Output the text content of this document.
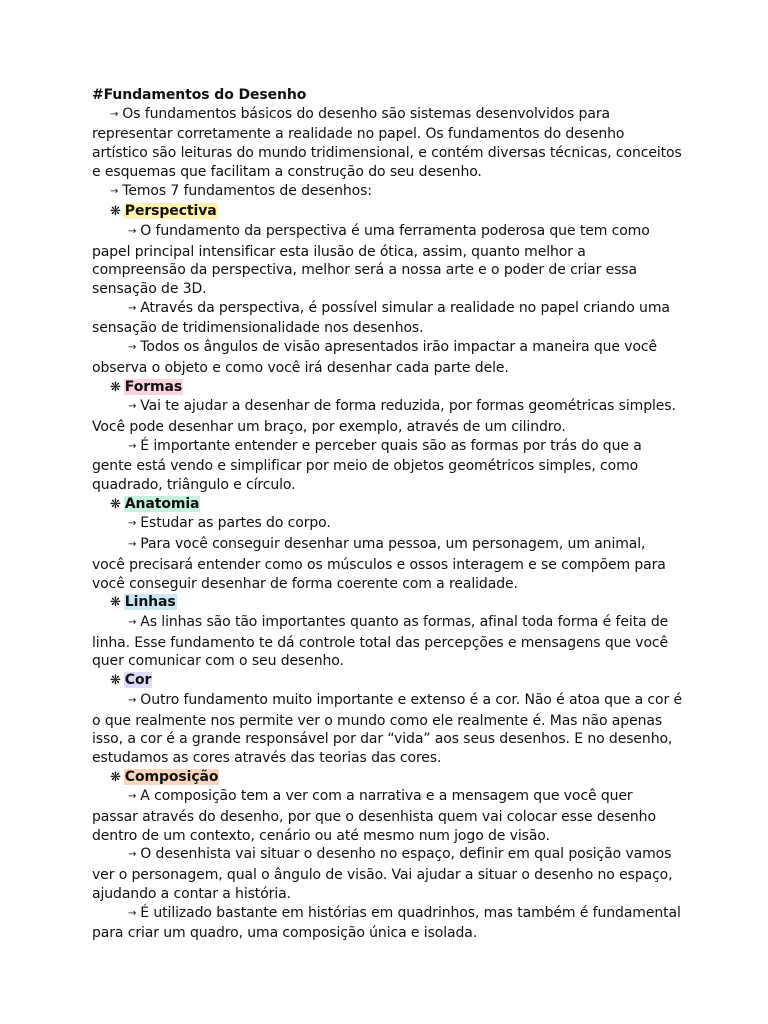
#Fundamentos do Desenho

→ Os fundamentos básicos do desenho são sistemas desenvolvidos para representar corretamente a realidade no papel. Os fundamentos do desenho artístico são leituras do mundo tridimensional, e contém diversas técnicas, conceitos e esquemas que facilitam a construção do seu desenho.

→ Temos 7 fundamentos de desenhos:

❋ Perspectiva

→ O fundamento da perspectiva é uma ferramenta poderosa que tem como papel principal intensificar esta ilusão de ótica, assim, quanto melhor a compreensão da perspectiva, melhor será a nossa arte e o poder de criar essa sensação de 3D.

→ Através da perspectiva, é possível simular a realidade no papel criando uma sensação de tridimensionalidade nos desenhos.

→ Todos os ângulos de visão apresentados irão impactar a maneira que você observa o objeto e como você irá desenhar cada parte dele.

❋ Formas

→ Vai te ajudar a desenhar de forma reduzida, por formas geométricas simples. Você pode desenhar um braço, por exemplo, através de um cilindro.

→ É importante entender e perceber quais são as formas por trás do que a gente está vendo e simplificar por meio de objetos geométricos simples, como quadrado, triângulo e círculo.

❋ Anatomia

→ Estudar as partes do corpo.

→ Para você conseguir desenhar uma pessoa, um personagem, um animal, você precisará entender como os músculos e ossos interagem e se compõem para você conseguir desenhar de forma coerente com a realidade.

❋ Linhas

→ As linhas são tão importantes quanto as formas, afinal toda forma é feita de linha. Esse fundamento te dá controle total das percepções e mensagens que você quer comunicar com o seu desenho.

❋ Cor

→ Outro fundamento muito importante e extenso é a cor. Não é atoa que a cor é o que realmente nos permite ver o mundo como ele realmente é. Mas não apenas isso, a cor é a grande responsável por dar “vida” aos seus desenhos. E no desenho, estudamos as cores através das teorias das cores.

❋ Composição

→ A composição tem a ver com a narrativa e a mensagem que você quer passar através do desenho, por que o desenhista quem vai colocar esse desenho dentro de um contexto, cenário ou até mesmo num jogo de visão.

→ O desenhista vai situar o desenho no espaço, definir em qual posição vamos ver o personagem, qual o ângulo de visão. Vai ajudar a situar o desenho no espaço, ajudando a contar a história.

→ É utilizado bastante em histórias em quadrinhos, mas também é fundamental para criar um quadro, uma composição única e isolada.
